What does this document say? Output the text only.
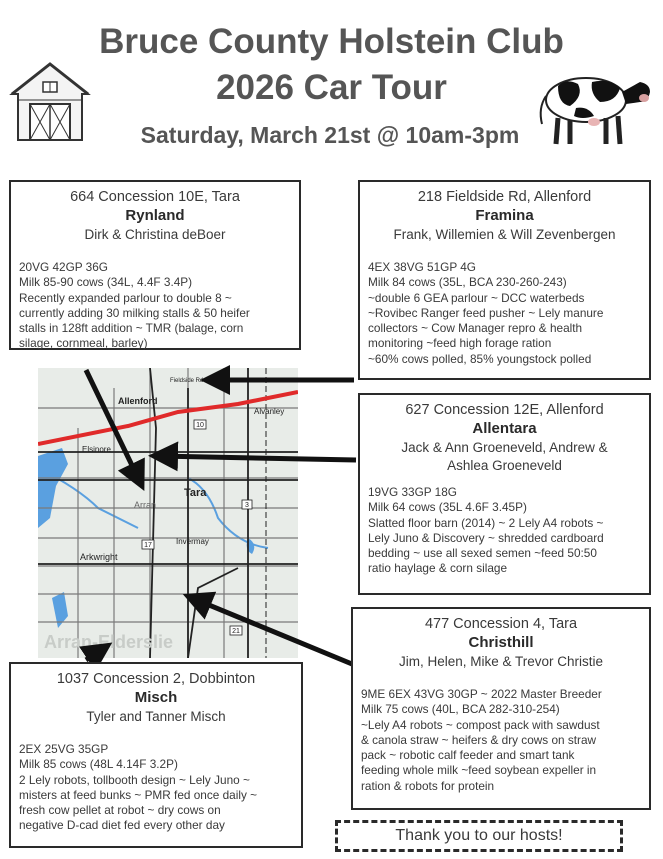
Bruce County Holstein Club
2026 Car Tour
Saturday, March 21st @ 10am-3pm
Allenford
Alvanley
Elsinore
Tara
Arran
Arkwright
Invermay
Arran-Elderslie
Fieldside Rd
17
10
3
21
664 Concession 10E, Tara
Rynland
Dirk & Christina deBoer
20VG 42GP 36G
Milk 85-90 cows (34L, 4.4F 3.4P)
Recently expanded parlour to double 8 ~
currently adding 30 milking stalls & 50 heifer
stalls in 128ft addition ~ TMR (balage, corn
silage, cornmeal, barley)
218 Fieldside Rd, Allenford
Framina
Frank, Willemien & Will Zevenbergen
4EX 38VG 51GP 4G
Milk 84 cows (35L, BCA 230-260-243)
~double 6 GEA parlour ~ DCC waterbeds
~Rovibec Ranger feed pusher ~ Lely manure
collectors ~ Cow Manager repro & health
monitoring ~feed high forage ration
~60% cows polled, 85% youngstock polled
627 Concession 12E, Allenford
Allentara
Jack & Ann Groeneveld, Andrew &
Ashlea Groeneveld
19VG 33GP 18G
Milk 64 cows (35L 4.6F 3.45P)
Slatted floor barn (2014) ~ 2 Lely A4 robots ~
Lely Juno & Discovery ~ shredded cardboard
bedding ~ use all sexed semen ~feed 50:50
ratio haylage & corn silage
477 Concession 4, Tara
Christhill
Jim, Helen, Mike & Trevor Christie
9ME 6EX 43VG 30GP ~ 2022 Master Breeder
Milk 75 cows (40L, BCA 282-310-254)
~Lely A4 robots ~ compost pack with sawdust
& canola straw ~ heifers & dry cows on straw
pack ~ robotic calf feeder and smart tank
feeding whole milk ~feed soybean expeller in
ration & robots for protein
1037 Concession 2, Dobbinton
Misch
Tyler and Tanner Misch
2EX 25VG 35GP
Milk 85 cows (48L 4.14F 3.2P)
2 Lely robots, tollbooth design ~ Lely Juno ~
misters at feed bunks ~ PMR fed once daily ~
fresh cow pellet at robot ~ dry cows on
negative D-cad diet fed every other day
Thank you to our hosts!
